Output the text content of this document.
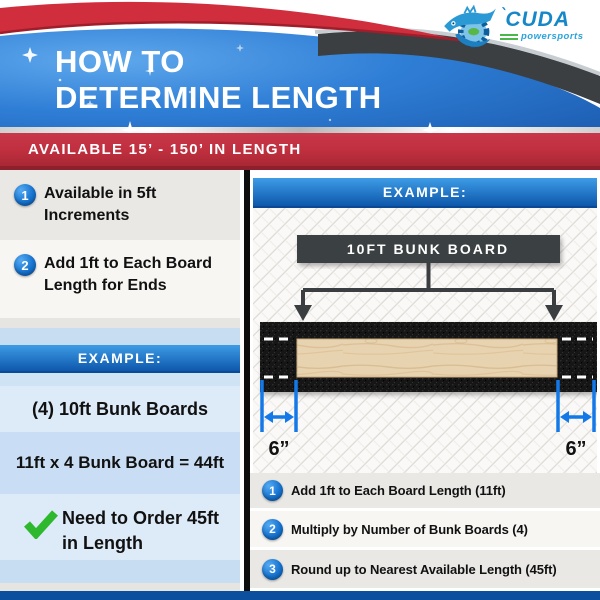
HOW TO
DETERMINE LENGTH
`
CUDA
powersports
AVAILABLE 15’ - 150’ IN LENGTH
1 Available in 5ft
Increments
2 Add 1ft to Each Board
Length for Ends
EXAMPLE:
(4) 10ft Bunk Boards
11ft x 4 Bunk Board = 44ft
Need to Order 45ft
in Length
EXAMPLE:
10FT BUNK BOARD
6”	6”
1	Add 1ft to Each Board Length (11ft)
2	Multiply by Number of Bunk Boards (4)
3	Round up to Nearest Available Length (45ft)
